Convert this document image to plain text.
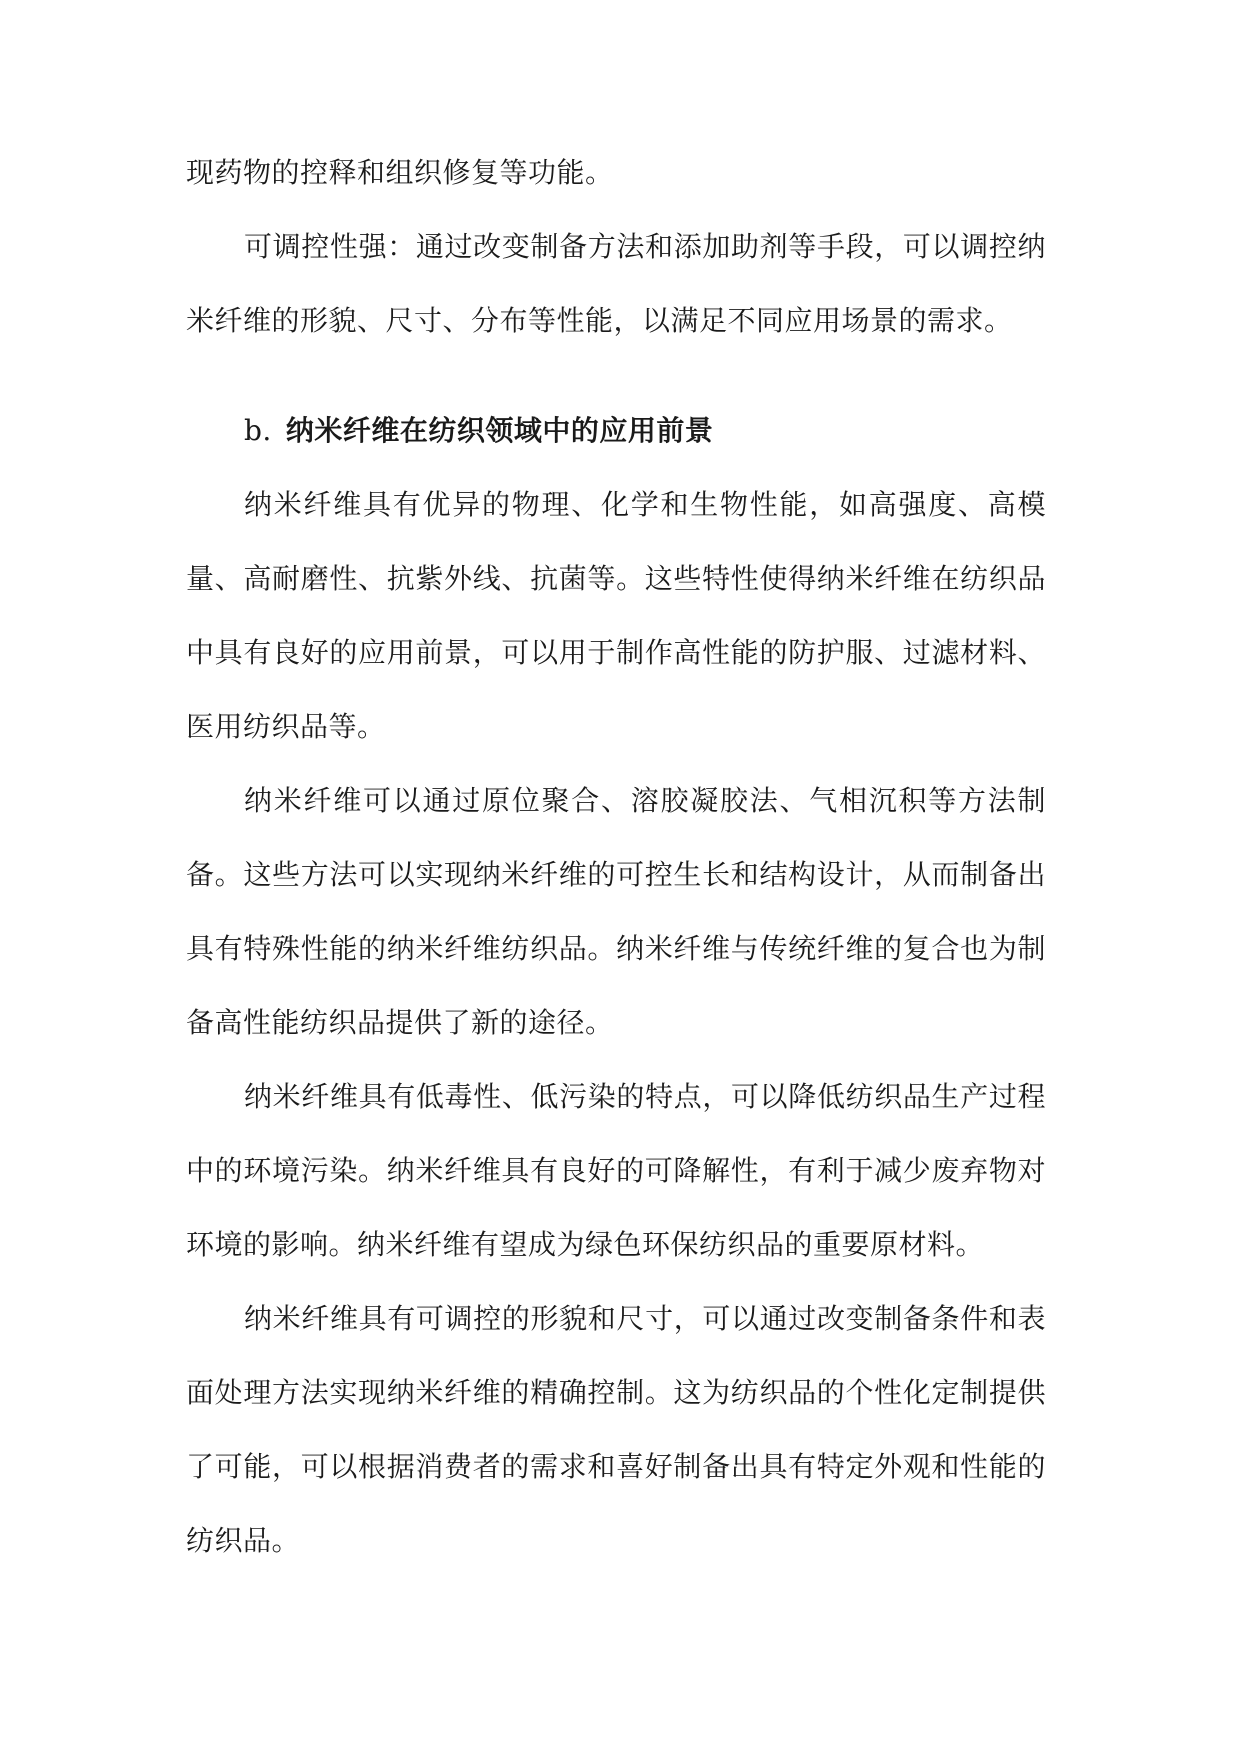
现药物的控释和组织修复等功能。

可调控性强：通过改变制备方法和添加助剂等手段，可以调控纳米纤维的形貌、尺寸、分布等性能，以满足不同应用场景的需求。

b. 纳米纤维在纺织领域中的应用前景

纳米纤维具有优异的物理、化学和生物性能，如高强度、高模量、高耐磨性、抗紫外线、抗菌等。这些特性使得纳米纤维在纺织品中具有良好的应用前景，可以用于制作高性能的防护服、过滤材料、医用纺织品等。

纳米纤维可以通过原位聚合、溶胶凝胶法、气相沉积等方法制备。这些方法可以实现纳米纤维的可控生长和结构设计，从而制备出具有特殊性能的纳米纤维纺织品。纳米纤维与传统纤维的复合也为制备高性能纺织品提供了新的途径。

纳米纤维具有低毒性、低污染的特点，可以降低纺织品生产过程中的环境污染。纳米纤维具有良好的可降解性，有利于减少废弃物对环境的影响。纳米纤维有望成为绿色环保纺织品的重要原材料。

纳米纤维具有可调控的形貌和尺寸，可以通过改变制备条件和表面处理方法实现纳米纤维的精确控制。这为纺织品的个性化定制提供了可能，可以根据消费者的需求和喜好制备出具有特定外观和性能的纺织品。
